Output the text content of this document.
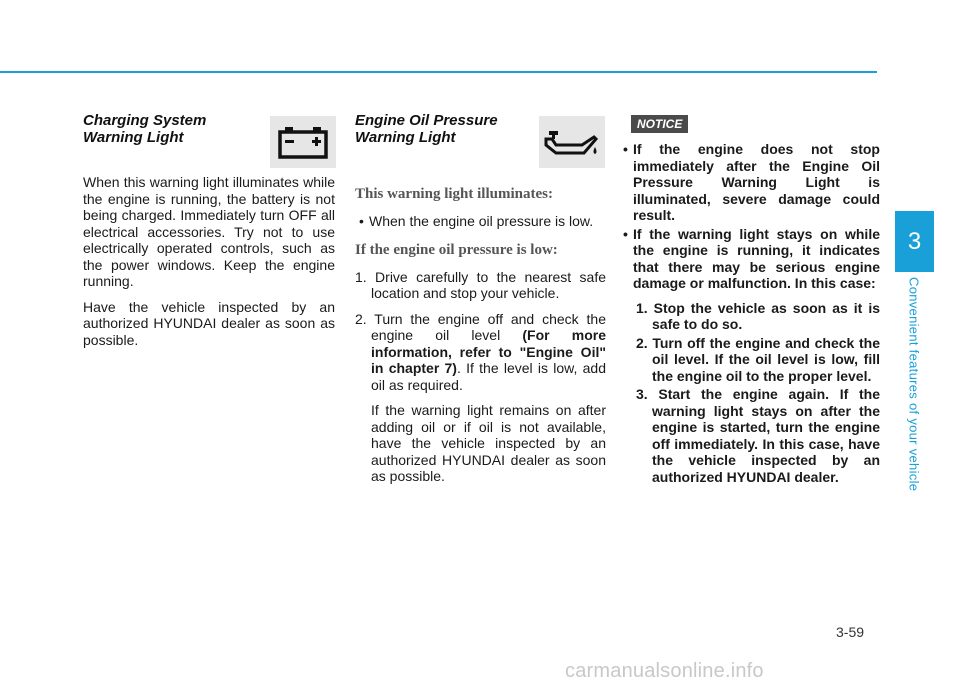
Charging System
Warning Light

When this warning light illuminates while the engine is running, the battery is not being charged. Immediately turn OFF all electrical accessories. Try not to use electrically operated controls, such as the power windows. Keep the engine running.

Have the vehicle inspected by an authorized HYUNDAI dealer as soon as possible.

Engine Oil Pressure
Warning Light
This warning light illuminates:
• When the engine oil pressure is low.
If the engine oil pressure is low:
1. Drive carefully to the nearest safe location and stop your vehicle.
2. Turn the engine off and check the engine oil level (For more information, refer to "Engine Oil" in chapter 7). If the level is low, add oil as required.

If the warning light remains on after adding oil or if oil is not available, have the vehicle inspected by an authorized HYUNDAI dealer as soon as possible.

NOTICE
• If the engine does not stop immediately after the Engine Oil Pressure Warning Light is illuminated, severe damage could result.
• If the warning light stays on while the engine is running, it indicates that there may be serious engine damage or malfunction. In this case:
1. Stop the vehicle as soon as it is safe to do so.
2. Turn off the engine and check the oil level. If the oil level is low, fill the engine oil to the proper level.
3. Start the engine again. If the warning light stays on after the engine is started, turn the engine off immediately. In this case, have the vehicle inspected by an authorized HYUNDAI dealer.
3
Convenient features of your vehicle
3-59
carmanualsonline.info
